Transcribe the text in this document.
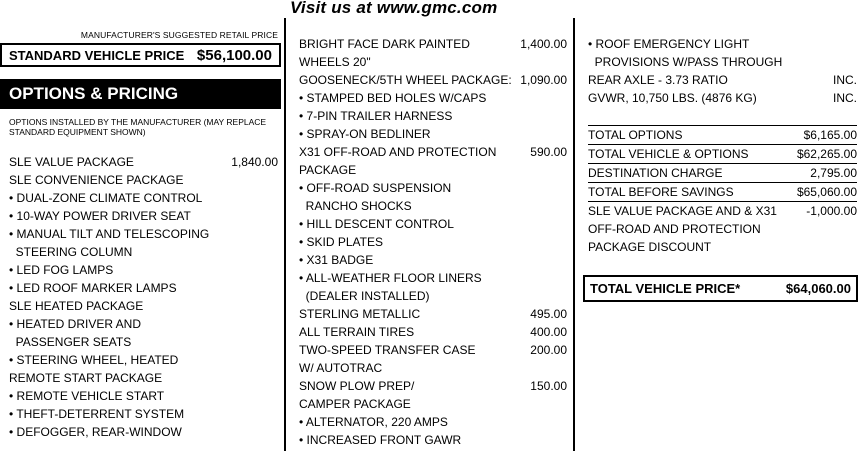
Visit us at www.gmc.com
MANUFACTURER'S SUGGESTED RETAIL PRICE
STANDARD VEHICLE PRICE $56,100.00
OPTIONS & PRICING
OPTIONS INSTALLED BY THE MANUFACTURER (MAY REPLACE STANDARD EQUIPMENT SHOWN)
SLE VALUE PACKAGE	1,840.00
SLE CONVENIENCE PACKAGE
• DUAL-ZONE CLIMATE CONTROL
• 10-WAY POWER DRIVER SEAT
• MANUAL TILT AND TELESCOPING
STEERING COLUMN
• LED FOG LAMPS
• LED ROOF MARKER LAMPS
SLE HEATED PACKAGE
• HEATED DRIVER AND
PASSENGER SEATS
• STEERING WHEEL, HEATED
REMOTE START PACKAGE
• REMOTE VEHICLE START
• THEFT-DETERRENT SYSTEM
• DEFOGGER, REAR-WINDOW
BRIGHT FACE DARK PAINTED	1,400.00
WHEELS 20"
GOOSENECK/5TH WHEEL PACKAGE: 1,090.00
• STAMPED BED HOLES W/CAPS
• 7-PIN TRAILER HARNESS
• SPRAY-ON BEDLINER
X31 OFF-ROAD AND PROTECTION	590.00
PACKAGE
• OFF-ROAD SUSPENSION
RANCHO SHOCKS
• HILL DESCENT CONTROL
• SKID PLATES
• X31 BADGE
• ALL-WEATHER FLOOR LINERS
(DEALER INSTALLED)
STERLING METALLIC	495.00
ALL TERRAIN TIRES	400.00
TWO-SPEED TRANSFER CASE	200.00
W/ AUTOTRAC
SNOW PLOW PREP/	150.00
CAMPER PACKAGE
• ALTERNATOR, 220 AMPS
• INCREASED FRONT GAWR
• ROOF EMERGENCY LIGHT
PROVISIONS W/PASS THROUGH
REAR AXLE - 3.73 RATIO	INC.
GVWR, 10,750 LBS. (4876 KG)	INC.
TOTAL OPTIONS	$6,165.00
TOTAL VEHICLE & OPTIONS	$62,265.00
DESTINATION CHARGE	2,795.00
TOTAL BEFORE SAVINGS	$65,060.00
SLE VALUE PACKAGE AND & X31 -1,000.00
OFF-ROAD AND PROTECTION
PACKAGE DISCOUNT
TOTAL VEHICLE PRICE*	$64,060.00
